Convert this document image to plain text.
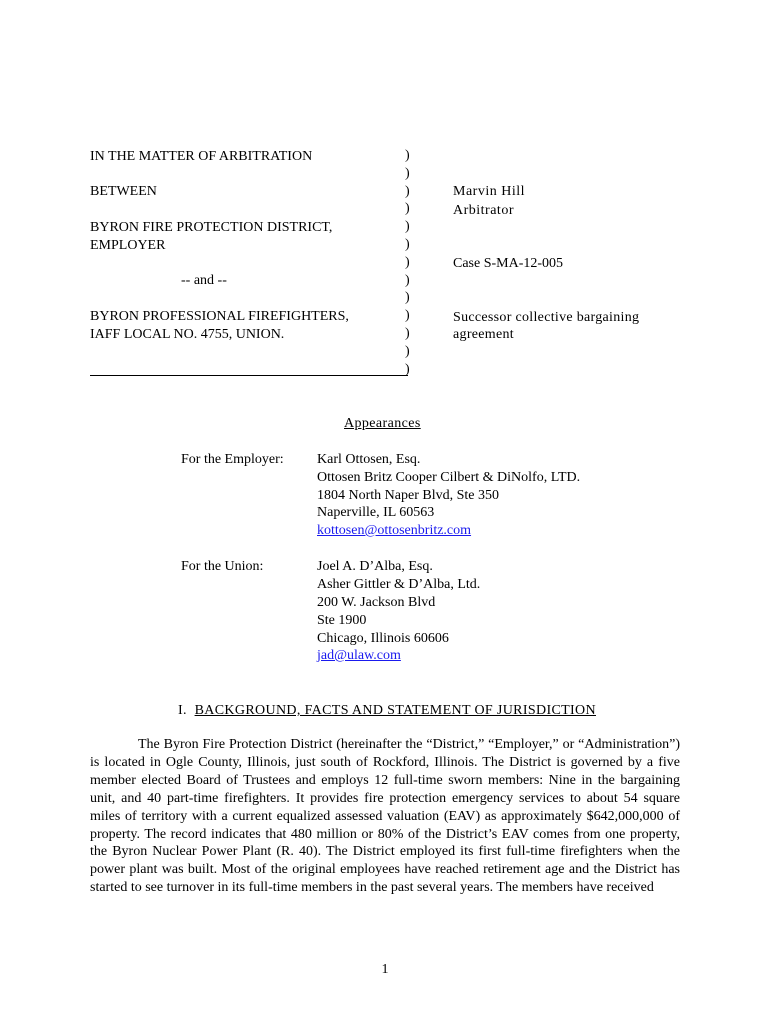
IN THE MATTER OF ARBITRATION
BETWEEN
BYRON FIRE PROTECTION DISTRICT,
EMPLOYER
-- and --
BYRON PROFESSIONAL FIREFIGHTERS,
IAFF LOCAL NO. 4755, UNION.
)
)
)
)
)
)
)
)
)
)
)
)
)
Marvin Hill
Arbitrator
Case S-MA-12-005
Successor collective bargaining
agreement
Appearances
For the Employer: Karl Ottosen, Esq.
Ottosen Britz Cooper Cilbert & DiNolfo, LTD.
1804 North Naper Blvd, Ste 350
Naperville, IL 60563
kottosen@ottosenbritz.com
For the Union:	Joel A. D’Alba, Esq.
Asher Gittler & D’Alba, Ltd.
200 W. Jackson Blvd
Ste 1900
Chicago, Illinois 60606
jad@ulaw.com
I. BACKGROUND, FACTS AND STATEMENT OF JURISDICTION
The Byron Fire Protection District (hereinafter the “District,” “Employer,” or “Administration”) is located in Ogle County, Illinois, just south of Rockford, Illinois. The District is governed by a five member elected Board of Trustees and employs 12 full-time sworn members: Nine in the bargaining unit, and 40 part-time firefighters. It provides fire protection emergency services to about 54 square miles of territory with a current equalized assessed valuation (EAV) as approximately $642,000,000 of property. The record indicates that 480 million or 80% of the District’s EAV comes from one property, the Byron Nuclear Power Plant (R. 40). The District employed its first full-time firefighters when the power plant was built. Most of the original employees have reached retirement age and the District has started to see turnover in its full-time members in the past several years. The members have received
1
